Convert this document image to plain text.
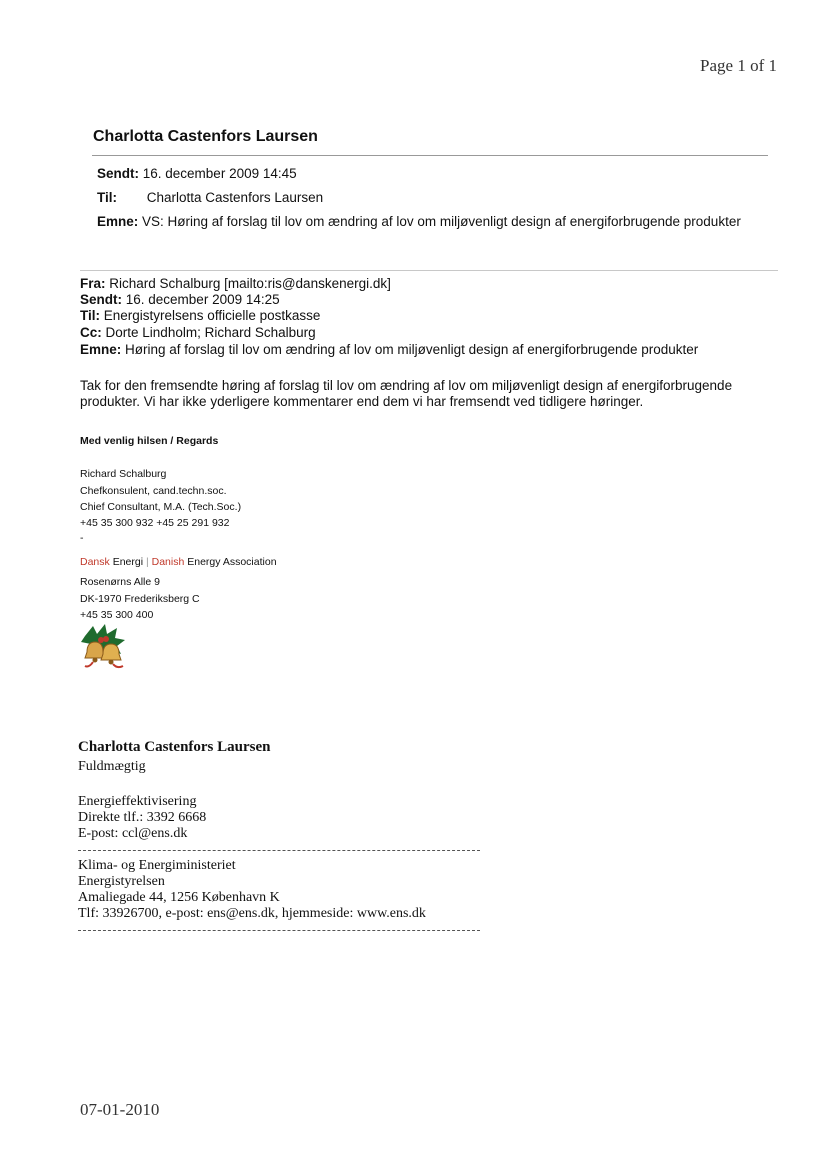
Page 1 of 1
Charlotta Castenfors Laursen
Sendt: 16. december 2009 14:45
Til: Charlotta Castenfors Laursen
Emne: VS: Høring af forslag til lov om ændring af lov om miljøvenligt design af energiforbrugende produkter
Fra: Richard Schalburg [mailto:ris@danskenergi.dk]
Sendt: 16. december 2009 14:25
Til: Energistyrelsens officielle postkasse
Cc: Dorte Lindholm; Richard Schalburg
Emne: Høring af forslag til lov om ændring af lov om miljøvenligt design af energiforbrugende produkter
Tak for den fremsendte høring af forslag til lov om ændring af lov om miljøvenligt design af energiforbrugende
produkter. Vi har ikke yderligere kommentarer end dem vi har fremsendt ved tidligere høringer.
Med venlig hilsen / Regards
Richard Schalburg
Chefkonsulent, cand.techn.soc.
Chief Consultant, M.A. (Tech.Soc.)
+45 35 300 932 +45 25 291 932
-
Dansk Energi | Danish Energy Association
Rosenørns Alle 9
DK-1970 Frederiksberg C
+45 35 300 400
Charlotta Castenfors Laursen
Fuldmægtig
Energieffektivisering
Direkte tlf.: 3392 6668
E-post: ccl@ens.dk
Klima- og Energiministeriet
Energistyrelsen
Amaliegade 44, 1256 København K
Tlf: 33926700, e-post: ens@ens.dk, hjemmeside: www.ens.dk
07-01-2010
